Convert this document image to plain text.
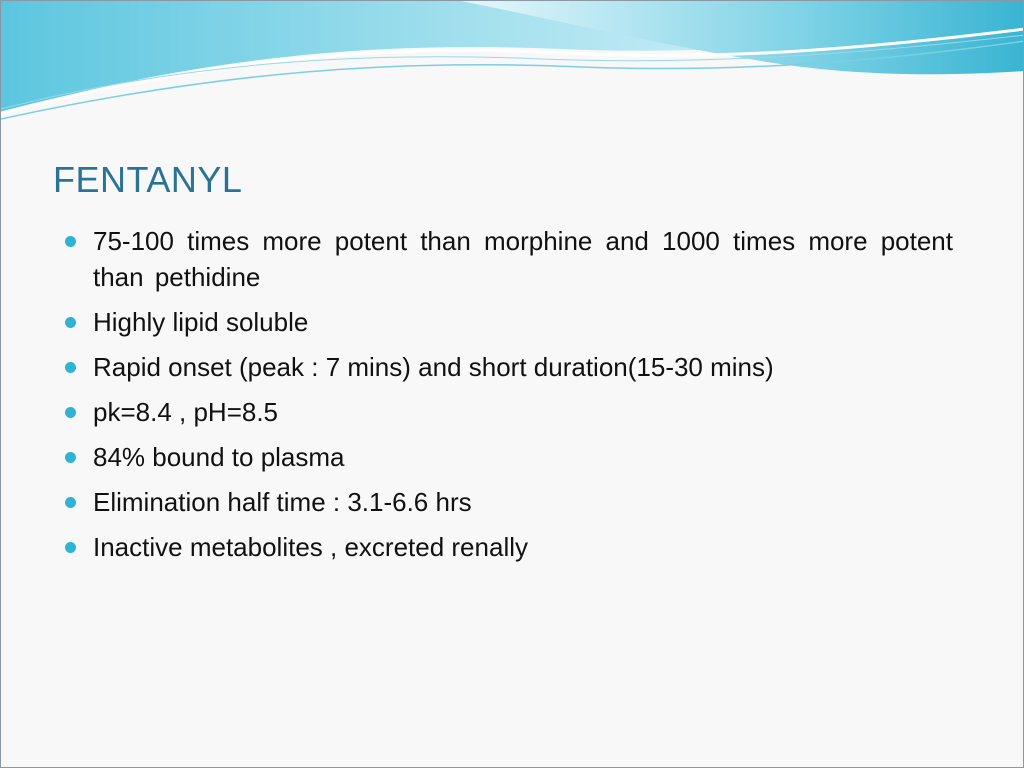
FENTANYL
75-100 times more potent than morphine and 1000 times more potent than pethidine
Highly lipid soluble
Rapid onset (peak : 7 mins) and short duration(15-30 mins)
pk=8.4 , pH=8.5
84% bound to plasma
Elimination half time : 3.1-6.6 hrs
Inactive metabolites , excreted renally
